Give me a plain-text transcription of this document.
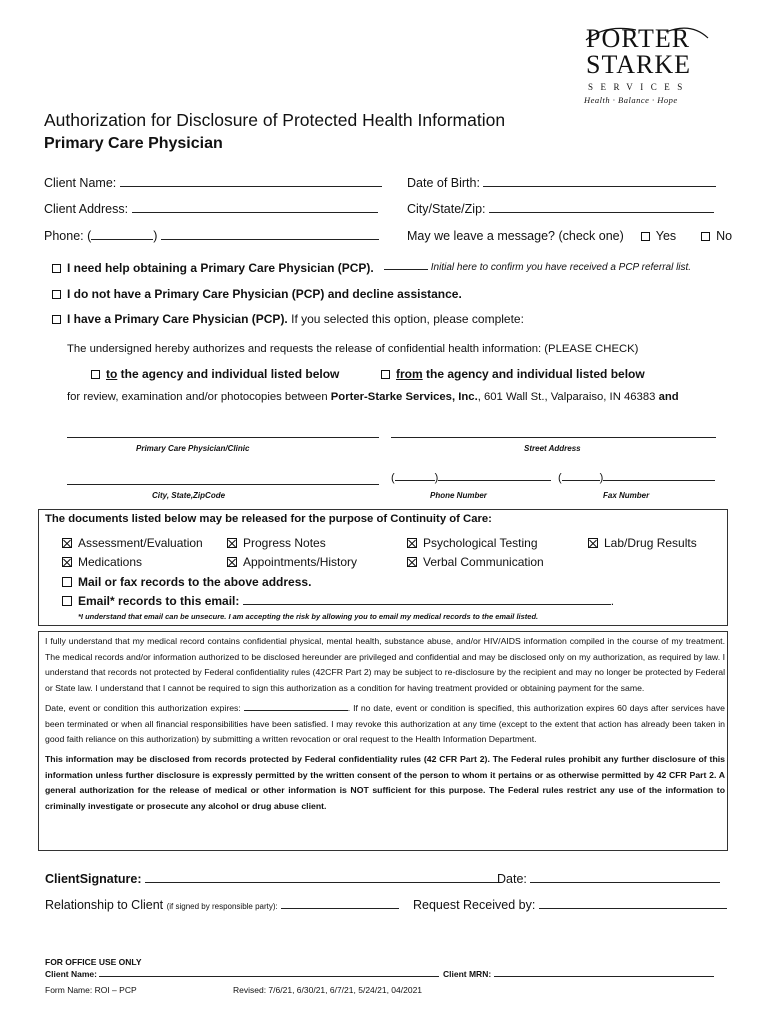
PORTER
STARKE
SERVICES
Health · Balance · Hope
Authorization for Disclosure of Protected Health Information
Primary Care Physician
Client Name:	Date of Birth:
Client Address:	City/State/Zip:
Phone: (	)	May we leave a message? (check one)	Yes	No
I need help obtaining a Primary Care Physician (PCP).	Initial here to confirm you have received a PCP referral list.
I do not have a Primary Care Physician (PCP) and decline assistance.
I have a Primary Care Physician (PCP). If you selected this option, please complete:
The undersigned hereby authorizes and requests the release of confidential health information: (PLEASE CHECK)
to the agency and individual listed below	from the agency and individual listed below
for review, examination and/or photocopies between Porter-Starke Services, Inc., 601 Wall St., Valparaiso, IN 46383 and
Primary Care Physician/Clinic	Street Address
(	)	(	)
City, State,ZipCode	Phone Number	Fax Number
The documents listed below may be released for the purpose of Continuity of Care:
Assessment/Evaluation	Progress Notes	Psychological Testing	Lab/Drug Results
Medications	Appointments/History	Verbal Communication
Mail or fax records to the above address.
Email* records to this email:	.
*I understand that email can be unsecure. I am accepting the risk by allowing you to email my medical records to the email listed.

I fully understand that my medical record contains confidential physical, mental health, substance abuse, and/or HIV/AIDS information compiled in the course of my treatment. The medical records and/or information authorized to be disclosed hereunder are privileged and confidential and may be disclosed only on my authorization, as required by law. I understand that records not protected by Federal confidentiality rules (42CFR Part 2) may be subject to re-disclosure by the recipient and may no longer be protected by Federal or State law. I understand that I cannot be required to sign this authorization as a condition for having treatment provided or obtaining payment for the same.

Date, event or condition this authorization expires:	. If no date, event or condition is specified, this authorization expires 60 days after services have been terminated or when all financial responsibilities have been satisfied. I may revoke this authorization at any time (except to the extent that action has already been taken in good faith reliance on this authorization) by submitting a written revocation or oral request to the Health Information Department.

This information may be disclosed from records protected by Federal confidentiality rules (42 CFR Part 2). The Federal rules prohibit any further disclosure of this information unless further disclosure is expressly permitted by the written consent of the person to whom it pertains or as otherwise permitted by 42 CFR Part 2. A general authorization for the release of medical or other information is NOT sufficient for this purpose. The Federal rules restrict any use of the information to criminally investigate or prosecute any alcohol or drug abuse client.

ClientSignature:	Date:
Relationship to Client (if signed by responsible party):	Request Received by:
FOR OFFICE USE ONLY
Client Name:	Client MRN:
Form Name: ROI – PCP	Revised: 7/6/21, 6/30/21, 6/7/21, 5/24/21, 04/2021
